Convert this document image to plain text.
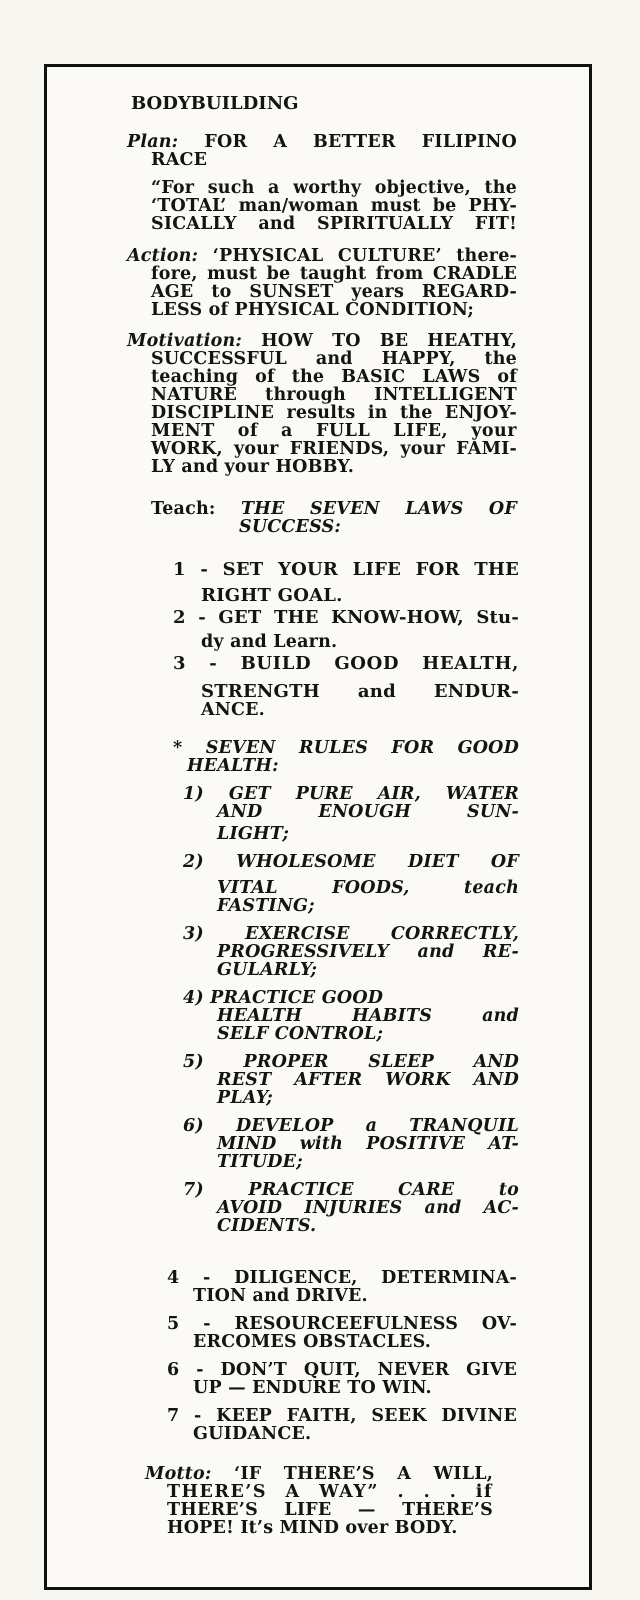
BODYBUILDING
Plan: FOR A BETTER FILIPINO
RACE
“For such a worthy objective, the
‘TOTAL’ man/woman must be PHY-
SICALLY and SPIRITUALLY FIT!
Action: ‘PHYSICAL CULTURE’ there-
fore, must be taught from CRADLE
AGE to SUNSET years REGARD-
LESS of PHYSICAL CONDITION;
Motivation: HOW TO BE HEATHY,
SUCCESSFUL and HAPPY, the
teaching of the BASIC LAWS of
NATURE through INTELLIGENT
DISCIPLINE results in the ENJOY-
MENT of a FULL LIFE, your
WORK, your FRIENDS, your FAMI-
LY and your HOBBY.
Teach: THE SEVEN LAWS OF
SUCCESS:
1 - SET YOUR LIFE FOR THE
RIGHT GOAL.
2 - GET THE KNOW-HOW, Stu-
dy and Learn.
3 - BUILD GOOD HEALTH,
STRENGTH and ENDUR-
ANCE.
* SEVEN RULES FOR GOOD
HEALTH:
1) GET PURE AIR, WATER
AND ENOUGH SUN-
LIGHT;
2) WHOLESOME DIET OF
VITAL FOODS, teach
FASTING;
3) EXERCISE CORRECTLY,
PROGRESSIVELY and RE-
GULARLY;
4) PRACTICE GOOD
HEALTH HABITS and
SELF CONTROL;
5) PROPER SLEEP AND
REST AFTER WORK AND
PLAY;
6) DEVELOP a TRANQUIL
MIND with POSITIVE AT-
TITUDE;
7)	PRACTICE CARE to
AVOID INJURIES and AC-
CIDENTS.
4 - DILIGENCE, DETERMINA-
TION and DRIVE.
5 - RESOURCEEFULNESS OV-
ERCOMES OBSTACLES.
6 - DON’T QUIT, NEVER GIVE
UP — ENDURE TO WIN.
7 - KEEP FAITH, SEEK DIVINE
GUIDANCE.
Motto: ‘IF THERE’S A WILL,
THERE’S A WAY” . . . if
THERE’S LIFE — THERE’S
HOPE! It’s MIND over BODY.
